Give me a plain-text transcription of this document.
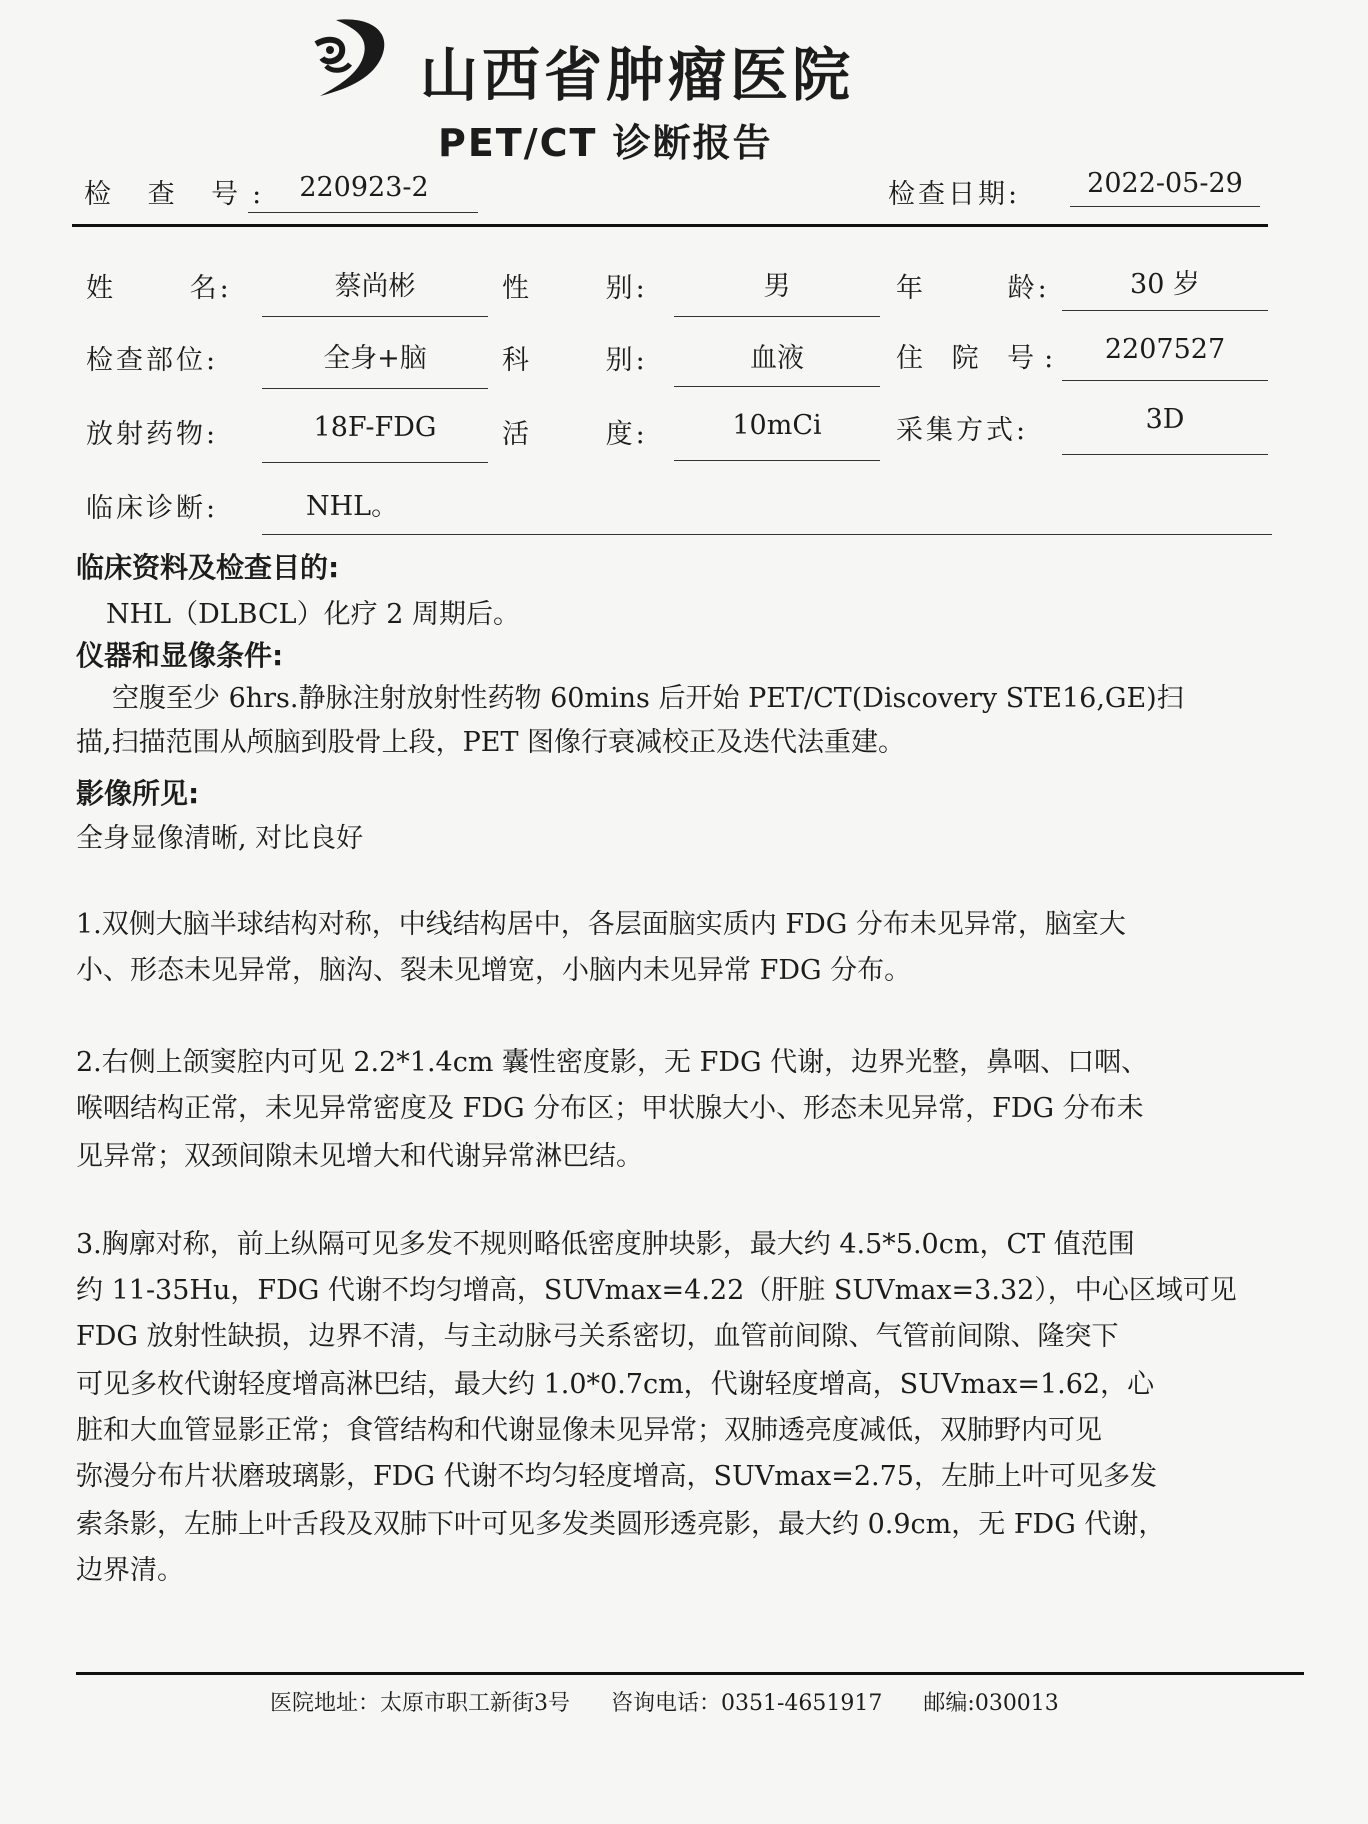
山西省肿瘤医院
PET/CT 诊断报告
检 查 号: 220923-2	检查日期:	2022-05-29
姓 名:	蔡尚彬	性 别:	男	年 龄:	30 岁
检查部位:	全身+脑	科 别:	血液	住 院 号:	2207527
放射药物:	18F-FDG	活 度:	10mCi	采集方式:	3D
临床诊断:	NHL。
临床资料及检查目的:
NHL（DLBCL）化疗 2 周期后。
仪器和显像条件:
空腹至少 6hrs.静脉注射放射性药物 60mins 后开始 PET/CT(Discovery STE16,GE)扫
描,扫描范围从颅脑到股骨上段，PET 图像行衰减校正及迭代法重建。
影像所见:
全身显像清晰, 对比良好
1.双侧大脑半球结构对称，中线结构居中，各层面脑实质内 FDG 分布未见异常，脑室大
小、形态未见异常，脑沟、裂未见增宽，小脑内未见异常 FDG 分布。
2.右侧上颌窦腔内可见 2.2*1.4cm 囊性密度影，无 FDG 代谢，边界光整，鼻咽、口咽、
喉咽结构正常，未见异常密度及 FDG 分布区；甲状腺大小、形态未见异常，FDG 分布未
见异常；双颈间隙未见增大和代谢异常淋巴结。
3.胸廓对称，前上纵隔可见多发不规则略低密度肿块影，最大约 4.5*5.0cm，CT 值范围
约 11-35Hu，FDG 代谢不均匀增高，SUVmax=4.22（肝脏 SUVmax=3.32），中心区域可见
FDG 放射性缺损，边界不清，与主动脉弓关系密切，血管前间隙、气管前间隙、隆突下
可见多枚代谢轻度增高淋巴结，最大约 1.0*0.7cm，代谢轻度增高，SUVmax=1.62，心
脏和大血管显影正常；食管结构和代谢显像未见异常；双肺透亮度减低，双肺野内可见
弥漫分布片状磨玻璃影，FDG 代谢不均匀轻度增高，SUVmax=2.75，左肺上叶可见多发
索条影，左肺上叶舌段及双肺下叶可见多发类圆形透亮影，最大约 0.9cm，无 FDG 代谢，
边界清。
医院地址：太原市职工新街3号 咨询电话：0351-4651917 邮编:030013
